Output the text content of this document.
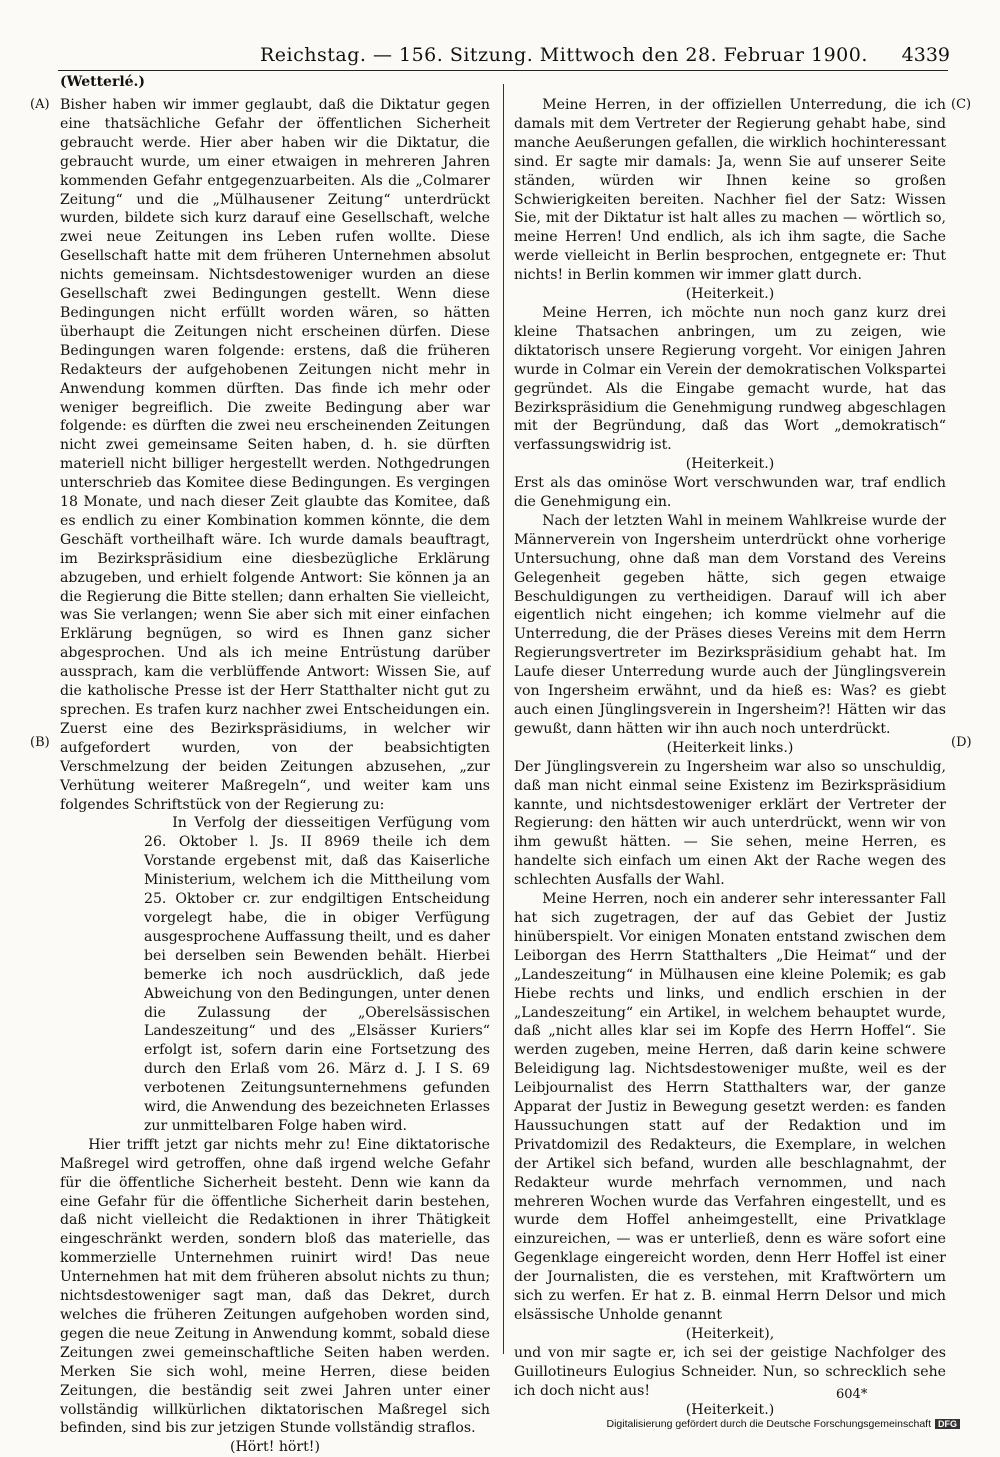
Reichstag. — 156. Sitzung. Mittwoch den 28. Februar 1900. 4339
(Wetterlé.)
(A)
(B)
(C)
(D)

Bisher haben wir immer geglaubt, daß die Diktatur gegen eine thatsächliche Gefahr der öffentlichen Sicherheit gebraucht werde. Hier aber haben wir die Diktatur, die gebraucht wurde, um einer etwaigen in mehreren Jahren kommenden Gefahr entgegenzuarbeiten. Als die „Colmarer Zeitung“ und die „Mülhausener Zeitung“ unterdrückt wurden, bildete sich kurz darauf eine Gesellschaft, welche zwei neue Zeitungen ins Leben rufen wollte. Diese Gesellschaft hatte mit dem früheren Unternehmen absolut nichts gemeinsam. Nichtsdestoweniger wurden an diese Gesellschaft zwei Bedingungen gestellt. Wenn diese Bedingungen nicht erfüllt worden wären, so hätten überhaupt die Zeitungen nicht erscheinen dürfen. Diese Bedingungen waren folgende: erstens, daß die früheren Redakteurs der aufgehobenen Zeitungen nicht mehr in Anwendung kommen dürften. Das finde ich mehr oder weniger begreiflich. Die zweite Bedingung aber war folgende: es dürften die zwei neu erscheinenden Zeitungen nicht zwei gemeinsame Seiten haben, d. h. sie dürften materiell nicht billiger hergestellt werden. Nothgedrungen unterschrieb das Komitee diese Bedingungen. Es vergingen 18 Monate, und nach dieser Zeit glaubte das Komitee, daß es endlich zu einer Kombination kommen könnte, die dem Geschäft vortheilhaft wäre. Ich wurde damals beauftragt, im Bezirkspräsidium eine diesbezügliche Erklärung abzugeben, und erhielt folgende Antwort: Sie können ja an die Regierung die Bitte stellen; dann erhalten Sie vielleicht, was Sie verlangen; wenn Sie aber sich mit einer einfachen Erklärung begnügen, so wird es Ihnen ganz sicher abgesprochen. Und als ich meine Entrüstung darüber aussprach, kam die verblüffende Antwort: Wissen Sie, auf die katholische Presse ist der Herr Statthalter nicht gut zu sprechen. Es trafen kurz nachher zwei Entscheidungen ein. Zuerst eine des Bezirkspräsidiums, in welcher wir aufgefordert wurden, von der beabsichtigten Verschmelzung der beiden Zeitungen abzusehen, „zur Verhütung weiterer Maßregeln“, und weiter kam uns folgendes Schriftstück von der Regierung zu:

In Verfolg der diesseitigen Verfügung vom 26. Oktober l. Js. II 8969 theile ich dem Vorstande ergebenst mit, daß das Kaiserliche Ministerium, welchem ich die Mittheilung vom 25. Oktober cr. zur endgiltigen Entscheidung vorgelegt habe, die in obiger Verfügung ausgesprochene Auffassung theilt, und es daher bei derselben sein Bewenden behält. Hierbei bemerke ich noch ausdrücklich, daß jede Abweichung von den Bedingungen, unter denen die Zulassung der „Oberelsässischen Landeszeitung“ und des „Elsässer Kuriers“ erfolgt ist, sofern darin eine Fortsetzung des durch den Erlaß vom 26. März d. J. I S. 69 verbotenen Zeitungsunternehmens gefunden wird, die Anwendung des bezeichneten Erlasses zur unmittelbaren Folge haben wird.

Hier trifft jetzt gar nichts mehr zu! Eine diktatorische Maßregel wird getroffen, ohne daß irgend welche Gefahr für die öffentliche Sicherheit besteht. Denn wie kann da eine Gefahr für die öffentliche Sicherheit darin bestehen, daß nicht vielleicht die Redaktionen in ihrer Thätigkeit eingeschränkt werden, sondern bloß das materielle, das kommerzielle Unternehmen ruinirt wird! Das neue Unternehmen hat mit dem früheren absolut nichts zu thun; nichtsdestoweniger sagt man, daß das Dekret, durch welches die früheren Zeitungen aufgehoben worden sind, gegen die neue Zeitung in Anwendung kommt, sobald diese Zeitungen zwei gemeinschaftliche Seiten haben werden. Merken Sie sich wohl, meine Herren, diese beiden Zeitungen, die beständig seit zwei Jahren unter einer vollständig willkürlichen diktatorischen Maßregel sich befinden, sind bis zur jetzigen Stunde vollständig straflos.

(Hört! hört!)

Meine Herren, in der offiziellen Unterredung, die ich damals mit dem Vertreter der Regierung gehabt habe, sind manche Aeußerungen gefallen, die wirklich hochinteressant sind. Er sagte mir damals: Ja, wenn Sie auf unserer Seite ständen, würden wir Ihnen keine so großen Schwierigkeiten bereiten. Nachher fiel der Satz: Wissen Sie, mit der Diktatur ist halt alles zu machen — wörtlich so, meine Herren! Und endlich, als ich ihm sagte, die Sache werde vielleicht in Berlin besprochen, entgegnete er: Thut nichts! in Berlin kommen wir immer glatt durch.

(Heiterkeit.)

Meine Herren, ich möchte nun noch ganz kurz drei kleine Thatsachen anbringen, um zu zeigen, wie diktatorisch unsere Regierung vorgeht. Vor einigen Jahren wurde in Colmar ein Verein der demokratischen Volkspartei gegründet. Als die Eingabe gemacht wurde, hat das Bezirkspräsidium die Genehmigung rundweg abgeschlagen mit der Begründung, daß das Wort „demokratisch“ verfassungswidrig ist.

(Heiterkeit.)

Erst als das ominöse Wort verschwunden war, traf endlich die Genehmigung ein.

Nach der letzten Wahl in meinem Wahlkreise wurde der Männerverein von Ingersheim unterdrückt ohne vorherige Untersuchung, ohne daß man dem Vorstand des Vereins Gelegenheit gegeben hätte, sich gegen etwaige Beschuldigungen zu vertheidigen. Darauf will ich aber eigentlich nicht eingehen; ich komme vielmehr auf die Unterredung, die der Präses dieses Vereins mit dem Herrn Regierungsvertreter im Bezirkspräsidium gehabt hat. Im Laufe dieser Unterredung wurde auch der Jünglingsverein von Ingersheim erwähnt, und da hieß es: Was? es giebt auch einen Jünglingsverein in Ingersheim?! Hätten wir das gewußt, dann hätten wir ihn auch noch unterdrückt.

(Heiterkeit links.)

Der Jünglingsverein zu Ingersheim war also so unschuldig, daß man nicht einmal seine Existenz im Bezirkspräsidium kannte, und nichtsdestoweniger erklärt der Vertreter der Regierung: den hätten wir auch unterdrückt, wenn wir von ihm gewußt hätten. — Sie sehen, meine Herren, es handelte sich einfach um einen Akt der Rache wegen des schlechten Ausfalls der Wahl.

Meine Herren, noch ein anderer sehr interessanter Fall hat sich zugetragen, der auf das Gebiet der Justiz hinüberspielt. Vor einigen Monaten entstand zwischen dem Leiborgan des Herrn Statthalters „Die Heimat“ und der „Landeszeitung“ in Mülhausen eine kleine Polemik; es gab Hiebe rechts und links, und endlich erschien in der „Landeszeitung“ ein Artikel, in welchem behauptet wurde, daß „nicht alles klar sei im Kopfe des Herrn Hoffel“. Sie werden zugeben, meine Herren, daß darin keine schwere Beleidigung lag. Nichtsdestoweniger mußte, weil es der Leibjournalist des Herrn Statthalters war, der ganze Apparat der Justiz in Bewegung gesetzt werden: es fanden Haussuchungen statt auf der Redaktion und im Privatdomizil des Redakteurs, die Exemplare, in welchen der Artikel sich befand, wurden alle beschlagnahmt, der Redakteur wurde mehrfach vernommen, und nach mehreren Wochen wurde das Verfahren eingestellt, und es wurde dem Hoffel anheimgestellt, eine Privatklage einzureichen, — was er unterließ, denn es wäre sofort eine Gegenklage eingereicht worden, denn Herr Hoffel ist einer der Journalisten, die es verstehen, mit Kraftwörtern um sich zu werfen. Er hat z. B. einmal Herrn Delsor und mich elsässische Unholde genannt

(Heiterkeit),

und von mir sagte er, ich sei der geistige Nachfolger des Guillotineurs Eulogius Schneider. Nun, so schrecklich sehe ich doch nicht aus!

(Heiterkeit.)

604*
Digitalisierung gefördert durch die Deutsche Forschungsgemeinschaft DFG
